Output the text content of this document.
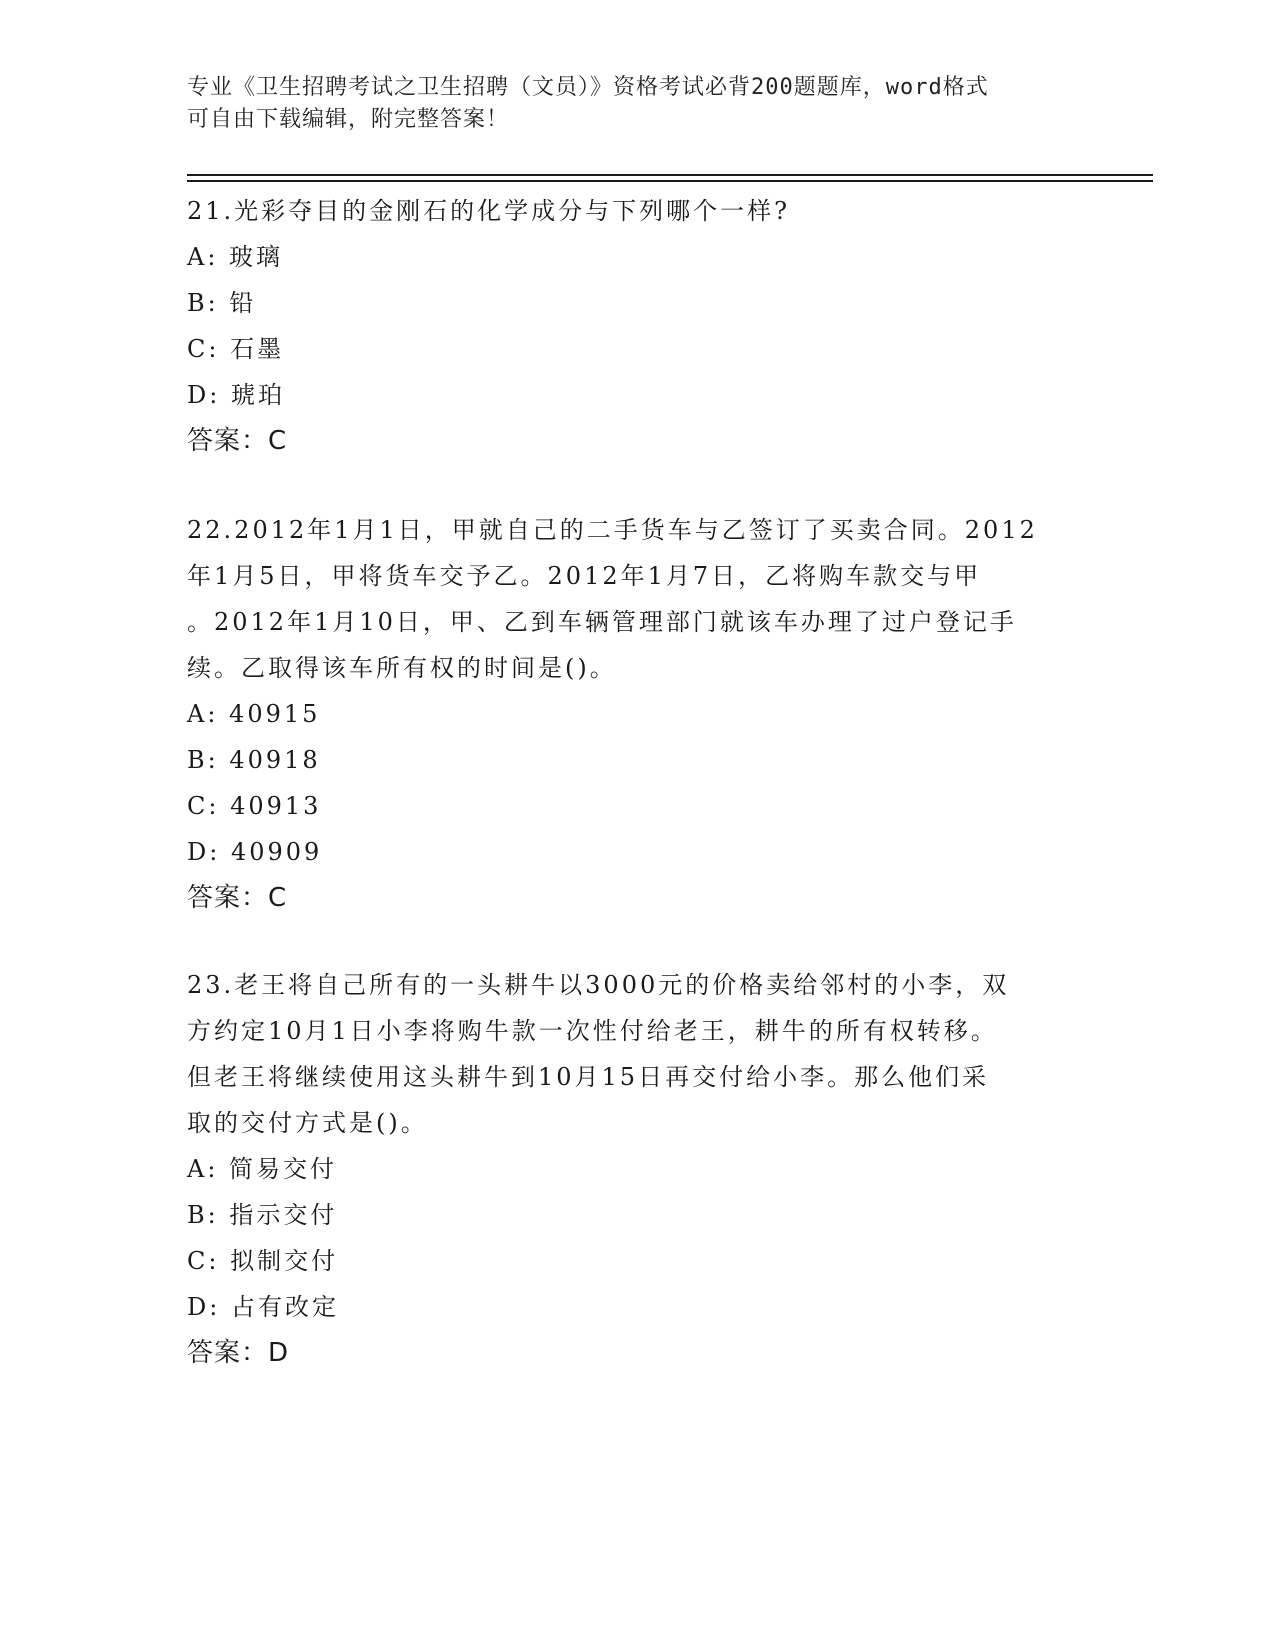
专业《卫生招聘考试之卫生招聘（文员）》资格考试必背200题题库，word格式
可自由下载编辑，附完整答案！
21.光彩夺目的金刚石的化学成分与下列哪个一样?
A: 玻璃
B: 铅
C: 石墨
D: 琥珀
答案：C
22.2012年1月1日，甲就自己的二手货车与乙签订了买卖合同。2012
年1月5日，甲将货车交予乙。2012年1月7日，乙将购车款交与甲
。2012年1月10日，甲、乙到车辆管理部门就该车办理了过户登记手
续。乙取得该车所有权的时间是()。
A: 40915
B: 40918
C: 40913
D: 40909
答案：C
23.老王将自己所有的一头耕牛以3000元的价格卖给邻村的小李，双
方约定10月1日小李将购牛款一次性付给老王，耕牛的所有权转移。
但老王将继续使用这头耕牛到10月15日再交付给小李。那么他们采
取的交付方式是()。
A: 简易交付
B: 指示交付
C: 拟制交付
D: 占有改定
答案：D
